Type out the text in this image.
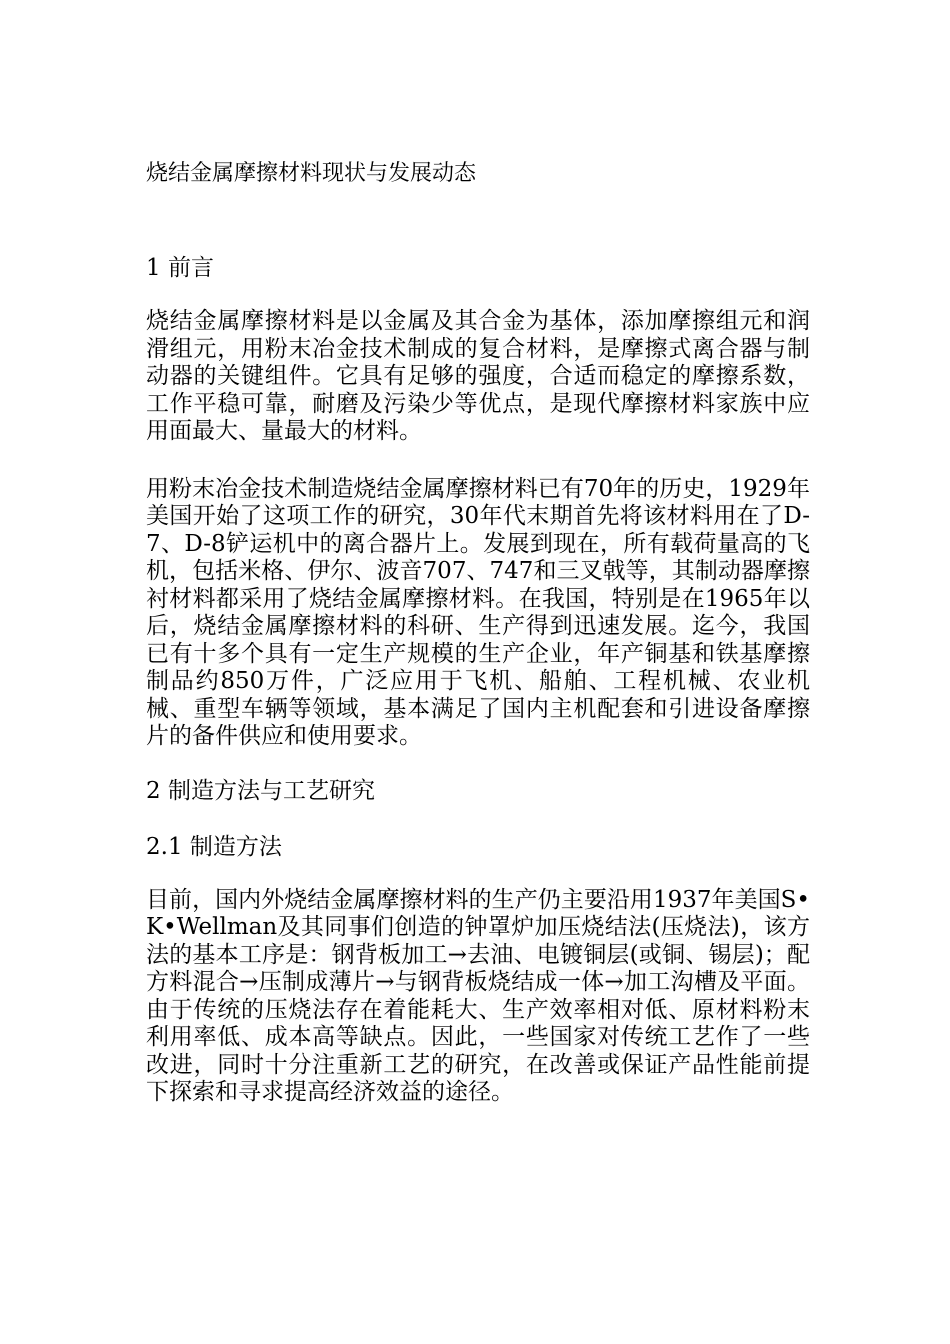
烧结金属摩擦材料现状与发展动态
1 前言

烧结金属摩擦材料是以金属及其合金为基体，添加摩擦组元和润滑组元，用粉末冶金技术制成的复合材料，是摩擦式离合器与制动器的关键组件。它具有足够的强度，合适而稳定的摩擦系数，工作平稳可靠，耐磨及污染少等优点，是现代摩擦材料家族中应用面最大、量最大的材料。

用粉末冶金技术制造烧结金属摩擦材料已有70年的历史，1929年美国开始了这项工作的研究，30年代末期首先将该材料用在了D-7、D-8铲运机中的离合器片上。发展到现在，所有载荷量高的飞机，包括米格、伊尔、波音707、747和三叉戟等，其制动器摩擦衬材料都采用了烧结金属摩擦材料。在我国，特别是在1965年以后，烧结金属摩擦材料的科研、生产得到迅速发展。迄今，我国已有十多个具有一定生产规模的生产企业，年产铜基和铁基摩擦制品约850万件，广泛应用于飞机、船舶、工程机械、农业机械、重型车辆等领域，基本满足了国内主机配套和引进设备摩擦片的备件供应和使用要求。

2 制造方法与工艺研究
2.1 制造方法

目前，国内外烧结金属摩擦材料的生产仍主要沿用1937年美国S•K•Wellman及其同事们创造的钟罩炉加压烧结法(压烧法)，该方法的基本工序是：钢背板加工→去油、电镀铜层(或铜、锡层)；配方料混合→压制成薄片→与钢背板烧结成一体→加工沟槽及平面。由于传统的压烧法存在着能耗大、生产效率相对低、原材料粉末利用率低、成本高等缺点。因此，一些国家对传统工艺作了一些改进，同时十分注重新工艺的研究，在改善或保证产品性能前提下探索和寻求提高经济效益的途径。
